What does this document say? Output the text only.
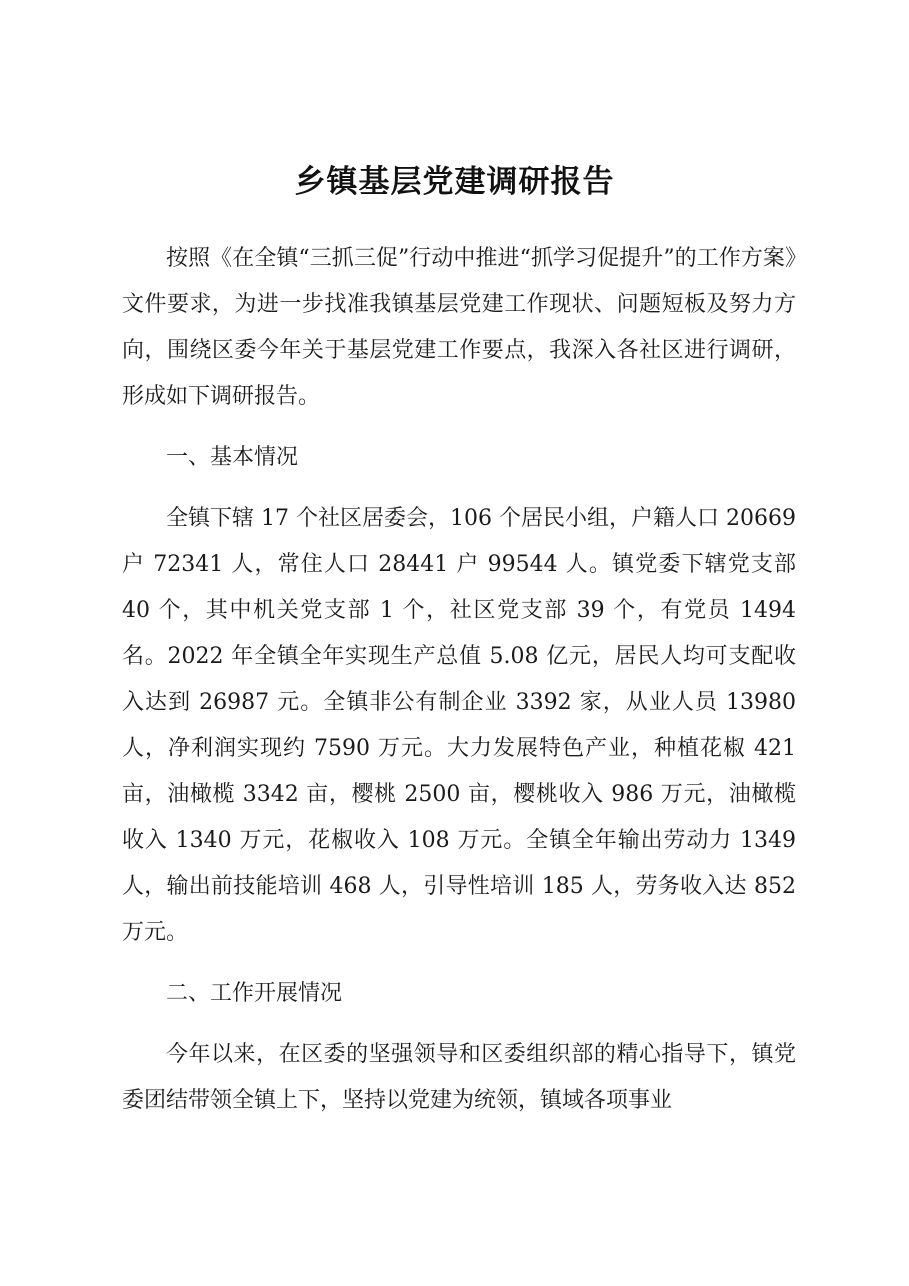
乡镇基层党建调研报告

按照《在全镇“三抓三促”行动中推进“抓学习促提升”的工作方案》文件要求，为进一步找准我镇基层党建工作现状、问题短板及努力方向，围绕区委今年关于基层党建工作要点，我深入各社区进行调研，形成如下调研报告。

一、基本情况

全镇下辖 17 个社区居委会，106 个居民小组，户籍人口 20669 户 72341 人，常住人口 28441 户 99544 人。镇党委下辖党支部 40 个，其中机关党支部 1 个，社区党支部 39 个，有党员 1494 名。2022 年全镇全年实现生产总值 5.08 亿元，居民人均可支配收入达到 26987 元。全镇非公有制企业 3392 家，从业人员 13980 人，净利润实现约 7590 万元。大力发展特色产业，种植花椒 421 亩，油橄榄 3342 亩，樱桃 2500 亩，樱桃收入 986 万元，油橄榄收入 1340 万元，花椒收入 108 万元。全镇全年输出劳动力 1349 人，输出前技能培训 468 人，引导性培训 185 人，劳务收入达 852 万元。

二、工作开展情况

今年以来，在区委的坚强领导和区委组织部的精心指导下，镇党委团结带领全镇上下，坚持以党建为统领，镇域各项事业
